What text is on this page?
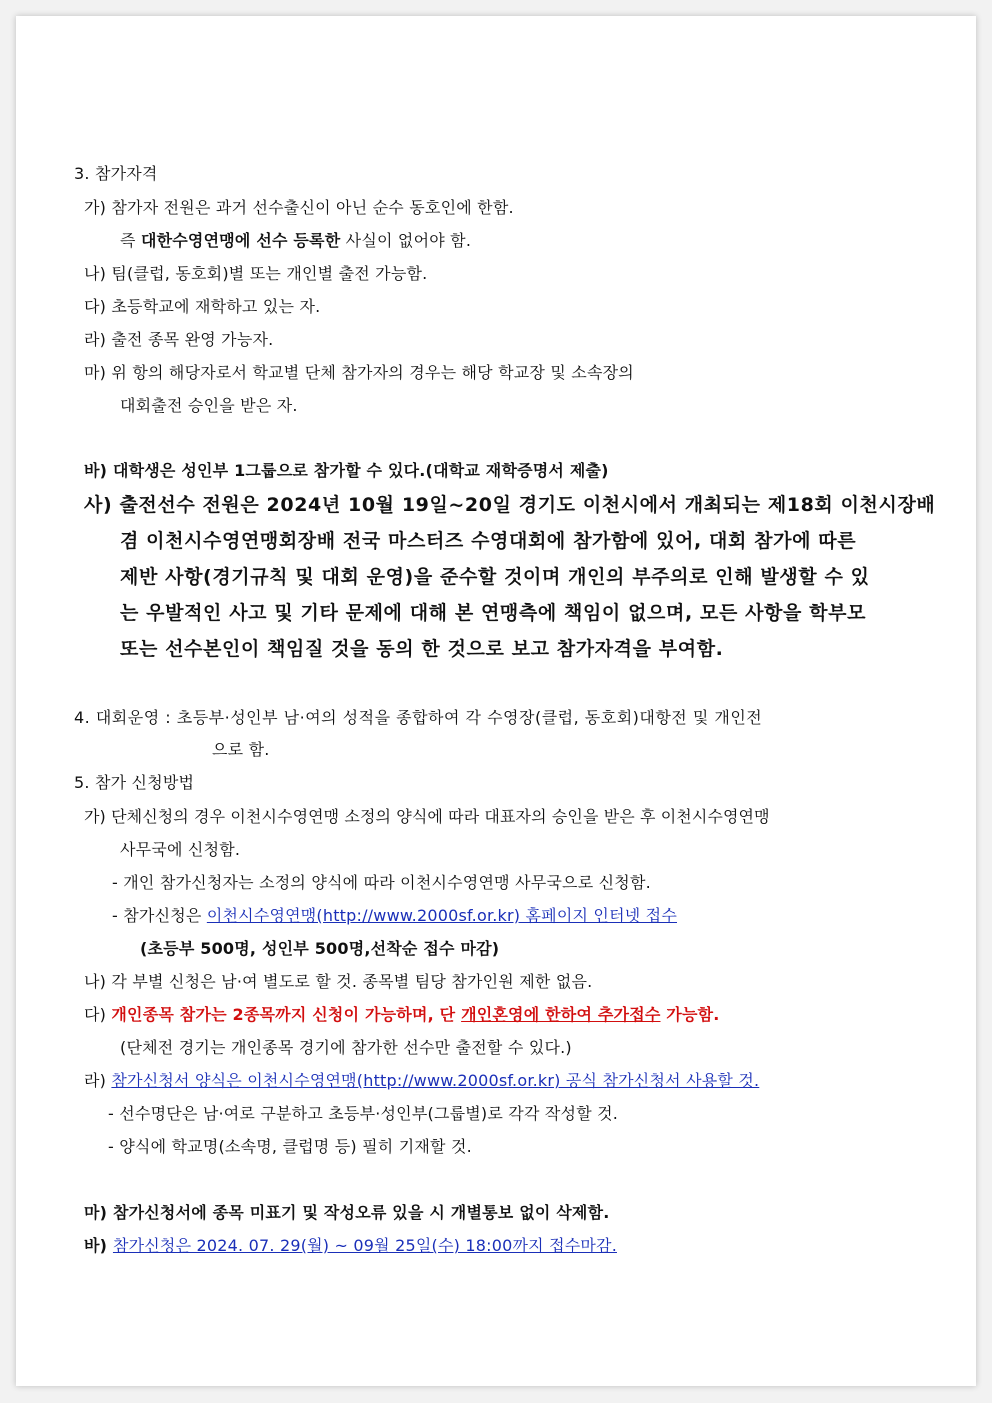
3. 참가자격
가) 참가자 전원은 과거 선수출신이 아닌 순수 동호인에 한함.
즉 대한수영연맹에 선수 등록한 사실이 없어야 함.
나) 팀(클럽, 동호회)별 또는 개인별 출전 가능함.
다) 초등학교에 재학하고 있는 자.
라) 출전 종목 완영 가능자.
마) 위 항의 해당자로서 학교별 단체 참가자의 경우는 해당 학교장 및 소속장의
대회출전 승인을 받은 자.
바) 대학생은 성인부 1그룹으로 참가할 수 있다.(대학교 재학증명서 제출)
사) 출전선수 전원은 2024년 10월 19일~20일 경기도 이천시에서 개최되는 제18회 이천시장배
겸 이천시수영연맹회장배 전국 마스터즈 수영대회에 참가함에 있어, 대회 참가에 따른
제반 사항(경기규칙 및 대회 운영)을 준수할 것이며 개인의 부주의로 인해 발생할 수 있
는 우발적인 사고 및 기타 문제에 대해 본 연맹측에 책임이 없으며, 모든 사항을 학부모
또는 선수본인이 책임질 것을 동의 한 것으로 보고 참가자격을 부여함.
4. 대회운영 : 초등부·성인부 남·여의 성적을 종합하여 각 수영장(클럽, 동호회)대항전 및 개인전
으로 함.
5. 참가 신청방법
가) 단체신청의 경우 이천시수영연맹 소정의 양식에 따라 대표자의 승인을 받은 후 이천시수영연맹
사무국에 신청함.
- 개인 참가신청자는 소정의 양식에 따라 이천시수영연맹 사무국으로 신청함.
- 참가신청은 이천시수영연맹(http://www.2000sf.or.kr) 홈페이지 인터넷 접수
(초등부 500명, 성인부 500명,선착순 접수 마감)
나) 각 부별 신청은 남·여 별도로 할 것. 종목별 팀당 참가인원 제한 없음.
다) 개인종목 참가는 2종목까지 신청이 가능하며, 단 개인혼영에 한하여 추가접수 가능함.
(단체전 경기는 개인종목 경기에 참가한 선수만 출전할 수 있다.)
라) 참가신청서 양식은 이천시수영연맹(http://www.2000sf.or.kr) 공식 참가신청서 사용할 것.
- 선수명단은 남·여로 구분하고 초등부·성인부(그룹별)로 각각 작성할 것.
- 양식에 학교명(소속명, 클럽명 등) 필히 기재할 것.
마) 참가신청서에 종목 미표기 및 작성오류 있을 시 개별통보 없이 삭제함.
바) 참가신청은 2024. 07. 29(월) ~ 09월 25일(수) 18:00까지 접수마감.
